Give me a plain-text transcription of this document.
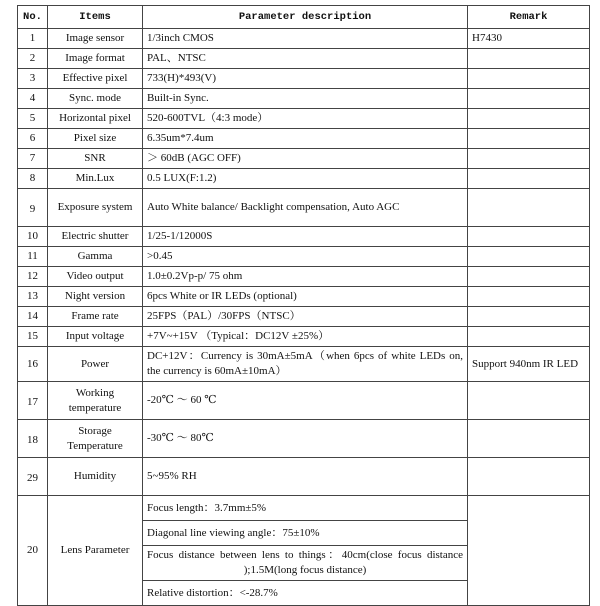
No.	Items	Parameter description	Remark
1	Image sensor	1/3inch CMOS	H7430
2	Image format	PAL、NTSC	
3	Effective pixel	733(H)*493(V)	
4	Sync. mode	Built-in Sync.	
5	Horizontal pixel	520-600TVL（4:3 mode）	
6	Pixel size	6.35um*7.4um	
7	SNR	＞ 60dB (AGC OFF)	
8	Min.Lux	0.5 LUX(F:1.2)	
9	Exposure system	Auto White balance/ Backlight compensation, Auto AGC	
10	Electric shutter	1/25-1/12000S	
11	Gamma	>0.45	
12	Video output	1.0±0.2Vp-p/ 75 ohm	
13	Night version	6pcs White or IR LEDs (optional)	
14	Frame rate	25FPS（PAL）/30FPS（NTSC）	
15	Input voltage	+7V~+15V （Typical：DC12V ±25%）	
16	Power	DC+12V：Currency is 30mA±5mA（when 6pcs of white LEDs on, the currency is 60mA±10mA）	Support 940nm IR LED
17	Working temperature	-20℃ ～ 60 ℃	
18	Storage Temperature	-30℃ ～ 80℃	
29	Humidity	5~95% RH	
20	Lens Parameter	Focus length：3.7mm±5%	
		Diagonal line viewing angle：75±10%	
		Focus distance between lens to things：40cm(close focus distance );1.5M(long focus distance)	
		Relative distortion：<-28.7%	
